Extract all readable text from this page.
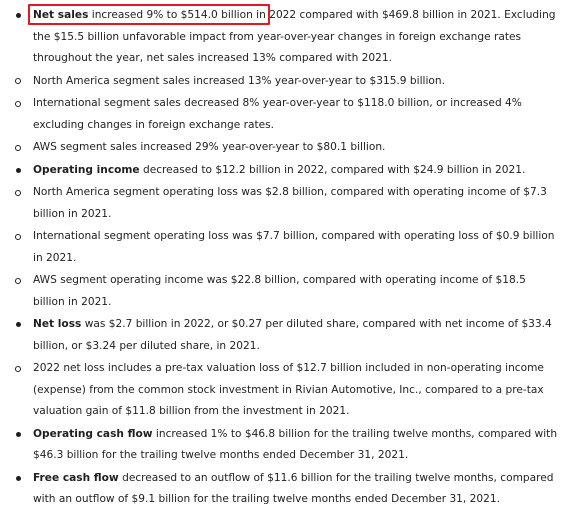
Net sales increased 9% to $514.0 billion in 2022 compared with $469.8 billion in 2021. Excluding the $15.5 billion unfavorable impact from year-over-year changes in foreign exchange rates throughout the year, net sales increased 13% compared with 2021.
North America segment sales increased 13% year-over-year to $315.9 billion.
International segment sales decreased 8% year-over-year to $118.0 billion, or increased 4% excluding changes in foreign exchange rates.
AWS segment sales increased 29% year-over-year to $80.1 billion.
Operating income decreased to $12.2 billion in 2022, compared with $24.9 billion in 2021.
North America segment operating loss was $2.8 billion, compared with operating income of $7.3 billion in 2021.
International segment operating loss was $7.7 billion, compared with operating loss of $0.9 billion in 2021.
AWS segment operating income was $22.8 billion, compared with operating income of $18.5 billion in 2021.
Net loss was $2.7 billion in 2022, or $0.27 per diluted share, compared with net income of $33.4 billion, or $3.24 per diluted share, in 2021.
2022 net loss includes a pre-tax valuation loss of $12.7 billion included in non-operating income (expense) from the common stock investment in Rivian Automotive, Inc., compared to a pre-tax valuation gain of $11.8 billion from the investment in 2021.
Operating cash flow increased 1% to $46.8 billion for the trailing twelve months, compared with $46.3 billion for the trailing twelve months ended December 31, 2021.
Free cash flow decreased to an outflow of $11.6 billion for the trailing twelve months, compared with an outflow of $9.1 billion for the trailing twelve months ended December 31, 2021.
